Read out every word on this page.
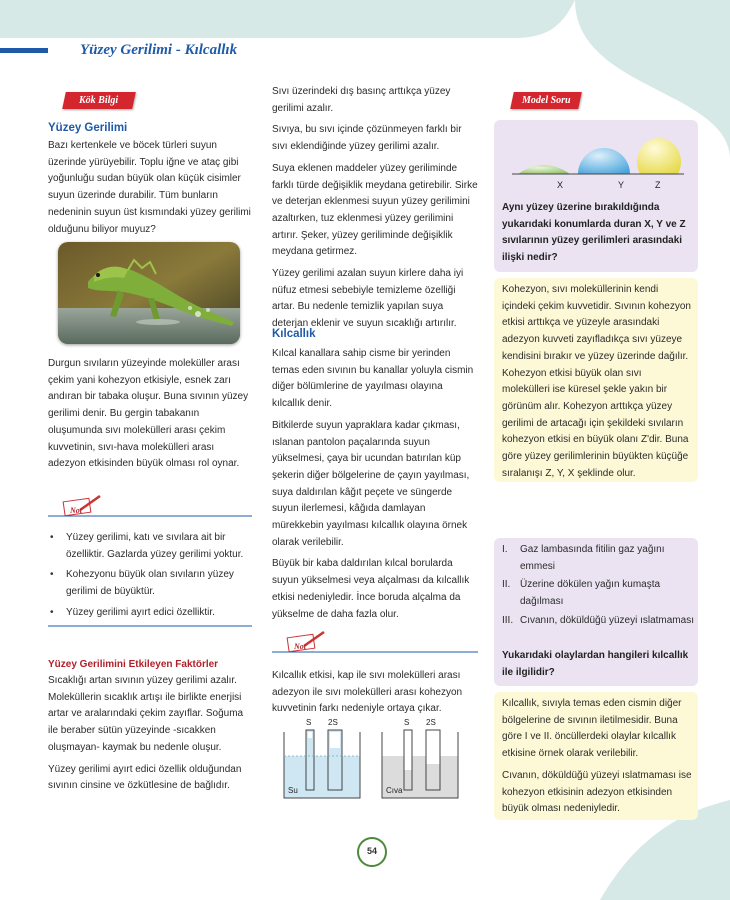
Yüzey Gerilimi - Kılcallık
Kök Bilgi
Yüzey Gerilimi
Bazı kertenkele ve böcek türleri suyun üzerinde yürüyebilir. Toplu iğne ve ataç gibi yoğunluğu sudan büyük olan küçük cisimler suyun üzerinde durabilir. Tüm bunların nedeninin suyun üst kısmındaki yüzey gerilimi olduğunu biliyor muyuz?
Durgun sıvıların yüzeyinde moleküller arası çekim yani kohezyon etkisiyle, esnek zarı andıran bir tabaka oluşur. Buna sıvının yüzey gerilimi denir. Bu gergin tabakanın oluşumunda sıvı molekülleri arası çekim kuvvetinin, sıvı-hava molekülleri arası adezyon etkisinden büyük olması rol oynar.
Not
• Yüzey gerilimi, katı ve sıvılara ait bir özelliktir. Gazlarda yüzey gerilimi yoktur.
• Kohezyonu büyük olan sıvıların yüzey gerilimi de büyüktür.
• Yüzey gerilimi ayırt edici özelliktir.
Yüzey Gerilimini Etkileyen Faktörler

Sıcaklığı artan sıvının yüzey gerilimi azalır. Moleküllerin sıcaklık artışı ile birlikte enerjisi artar ve aralarındaki çekim zayıflar. Soğuma ile beraber sütün yüzeyinde -sıcakken oluşmayan- kaymak bu nedenle oluşur.

Yüzey gerilimi ayırt edici özellik olduğundan sıvının cinsine ve özkütlesine de bağlıdır.

Sıvı üzerindeki dış basınç arttıkça yüzey gerilimi azalır.

Sıvıya, bu sıvı içinde çözünmeyen farklı bir sıvı eklendiğinde yüzey gerilimi azalır.

Suya eklenen maddeler yüzey geriliminde farklı türde değişiklik meydana getirebilir. Sirke ve deterjan eklenmesi suyun yüzey gerilimini azaltırken, tuz eklenmesi yüzey gerilimini artırır. Şeker, yüzey geriliminde değişiklik meydana getirmez.

Yüzey gerilimi azalan suyun kirlere daha iyi nüfuz etmesi sebebiyle temizleme özelliği artar. Bu nedenle temizlik yapılan suya deterjan eklenir ve suyun sıcaklığı artırılır.

Kılcallık

Kılcal kanallara sahip cisme bir yerinden temas eden sıvının bu kanallar yoluyla cismin diğer bölümlerine de yayılması olayına kılcallık denir.

Bitkilerde suyun yapraklara kadar çıkması, ıslanan pantolon paçalarında suyun yükselmesi, çaya bir ucundan batırılan küp şekerin diğer bölgelerine de çayın yayılması, suya daldırılan kâğıt peçete ve süngerde suyun ilerlemesi, kâğıda damlayan mürekkebin yayılması kılcallık olayına örnek olarak verilebilir.

Büyük bir kaba daldırılan kılcal borularda suyun yükselmesi veya alçalması da kılcallık etkisi nedeniyledir. İnce boruda alçalma da yükselme de daha fazla olur.

Not
Kılcallık etkisi, kap ile sıvı molekülleri arası adezyon ile sıvı molekülleri arası kohezyon kuvvetinin farkı nedeniyle ortaya çıkar.
S 2S	S 2S
Su	Cıva
Model Soru
X	Y	Z
Aynı yüzey üzerine bırakıldığında yukarıdaki konumlarda duran X, Y ve Z sıvılarının yüzey gerilimleri arasındaki ilişki nedir?
Kohezyon, sıvı moleküllerinin kendi içindeki çekim kuvvetidir. Sıvının kohezyon etkisi arttıkça ve yüzeyle arasındaki adezyon kuvveti zayıfladıkça sıvı yüzeye kendisini bırakır ve yüzey üzerinde dağılır. Kohezyon etkisi büyük olan sıvı molekülleri ise küresel şekle yakın bir görünüm alır. Kohezyon arttıkça yüzey gerilimi de artacağı için şekildeki sıvıların kohezyon etkisi en büyük olanı Z'dir. Buna göre yüzey gerilimlerinin büyükten küçüğe sıralanışı Z, Y, X şeklinde olur.
I. Gaz lambasında fitilin gaz yağını emmesi
II. Üzerine dökülen yağın kumaşta dağılması
III. Cıvanın, döküldüğü yüzeyi ıslatmaması
Yukarıdaki olaylardan hangileri kılcallık ile ilgilidir?

Kılcallık, sıvıyla temas eden cismin diğer bölgelerine de sıvının iletilmesidir. Buna göre I ve II. öncüllerdeki olaylar kılcallık etkisine örnek olarak verilebilir.

Cıvanın, döküldüğü yüzeyi ıslatmaması ise kohezyon etkisinin adezyon etkisinden büyük olması nedeniyledir.

54
